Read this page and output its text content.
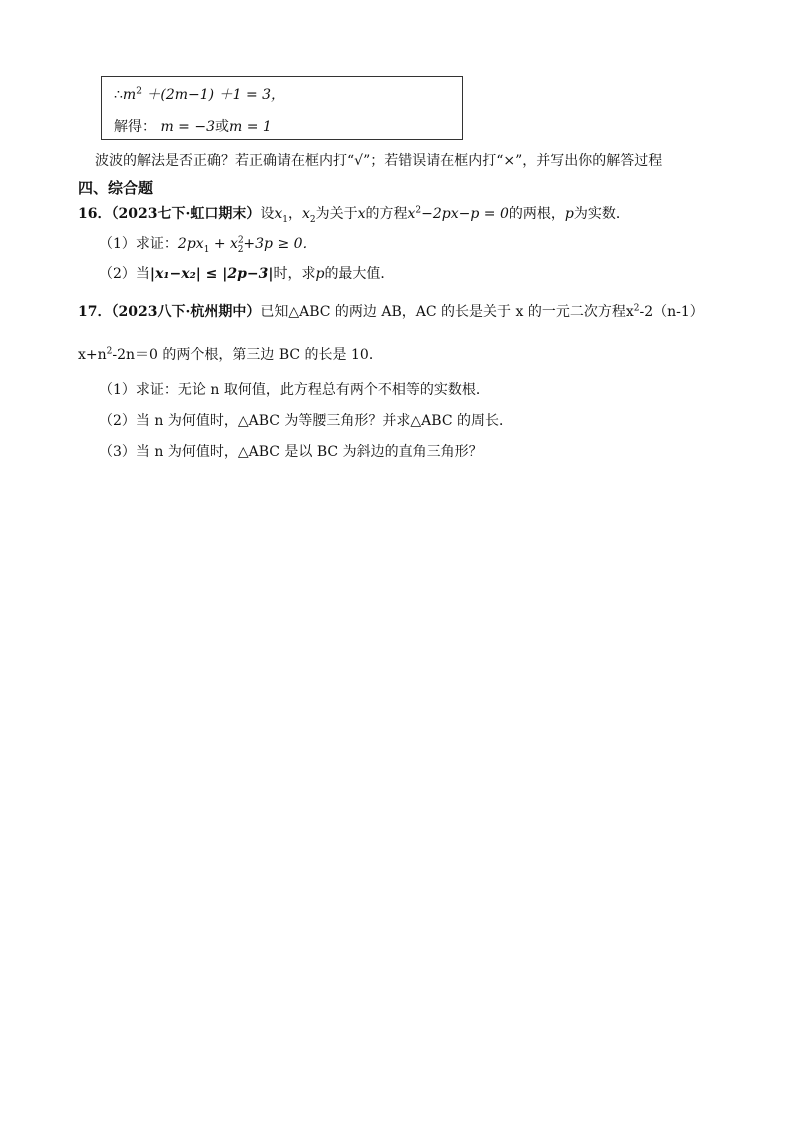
$\therefore m^2 +(2m-1) +1 = 3$，
解得： m = −3或m = 1
波波的解法是否正确？若正确请在框内打“√”；若错误请在框内打“×”，并写出你的解答过程
四、综合题
16．（2023七下·虹口期末）设$x_1$，$x_2$为关于x的方程$x^2-2px-p = 0$的两根，p为实数．
（1）求证：$2px_1 + x^2_2+3p \ge 0$．
（2）当|x₁−x₂| ≤ |2p−3|时，求p的最大值．
17．（2023八下·杭州期中）已知△ABC 的两边 AB，AC 的长是关于 x 的一元二次方程$x^2-2(n-1)$
$x+n^2-2n=0$ 的两个根，第三边 BC 的长是 10．
（1）求证：无论 n 取何值，此方程总有两个不相等的实数根．
（2）当 n 为何值时，△ABC 为等腰三角形？并求△ABC 的周长．
（3）当 n 为何值时，△ABC 是以 BC 为斜边的直角三角形？
